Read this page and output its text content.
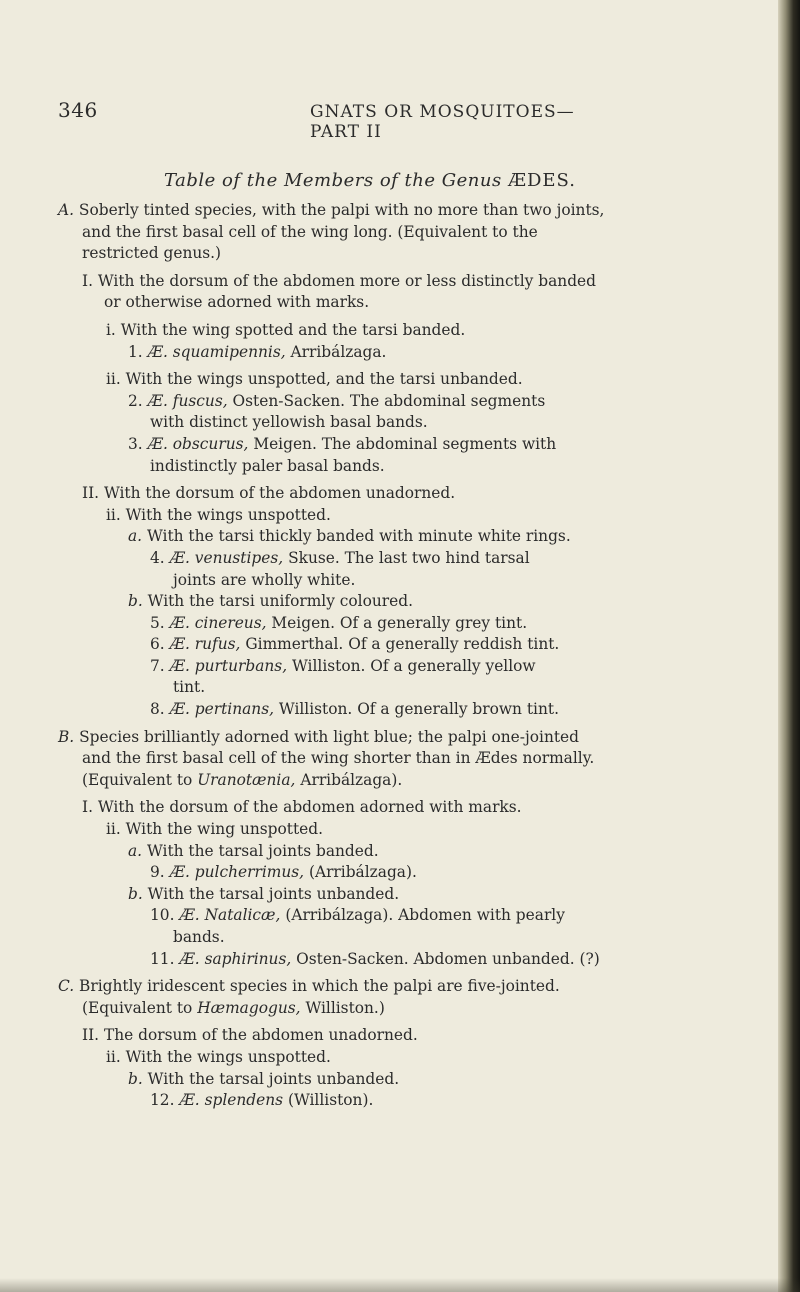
346	GNATS OR MOSQUITOES—PART II
Table of the Members of the Genus ÆDES.
A. Soberly tinted species, with the palpi with no more than two joints,
and the first basal cell of the wing long. (Equivalent to the
restricted genus.)
I. With the dorsum of the abdomen more or less distinctly banded
or otherwise adorned with marks.
i. With the wing spotted and the tarsi banded.
1. Æ. squamipennis, Arribálzaga.
ii. With the wings unspotted, and the tarsi unbanded.
2. Æ. fuscus, Osten-Sacken. The abdominal segments
with distinct yellowish basal bands.
3. Æ. obscurus, Meigen. The abdominal segments with
indistinctly paler basal bands.
II. With the dorsum of the abdomen unadorned.
ii. With the wings unspotted.
a. With the tarsi thickly banded with minute white rings.
4. Æ. venustipes, Skuse. The last two hind tarsal
joints are wholly white.
b. With the tarsi uniformly coloured.
5. Æ. cinereus, Meigen. Of a generally grey tint.
6. Æ. rufus, Gimmerthal. Of a generally reddish tint.
7. Æ. purturbans, Williston. Of a generally yellow
tint.
8. Æ. pertinans, Williston. Of a generally brown tint.
B. Species brilliantly adorned with light blue; the palpi one-jointed
and the first basal cell of the wing shorter than in Ædes normally.
(Equivalent to Uranotænia, Arribálzaga).
I. With the dorsum of the abdomen adorned with marks.
ii. With the wing unspotted.
a. With the tarsal joints banded.
9. Æ. pulcherrimus, (Arribálzaga).
b. With the tarsal joints unbanded.
10. Æ. Natalicæ, (Arribálzaga). Abdomen with pearly
bands.
11. Æ. saphirinus, Osten-Sacken. Abdomen unbanded. (?)
C. Brightly iridescent species in which the palpi are five-jointed.
(Equivalent to Hæmagogus, Williston.)
II. The dorsum of the abdomen unadorned.
ii. With the wings unspotted.
b. With the tarsal joints unbanded.
12. Æ. splendens (Williston).
